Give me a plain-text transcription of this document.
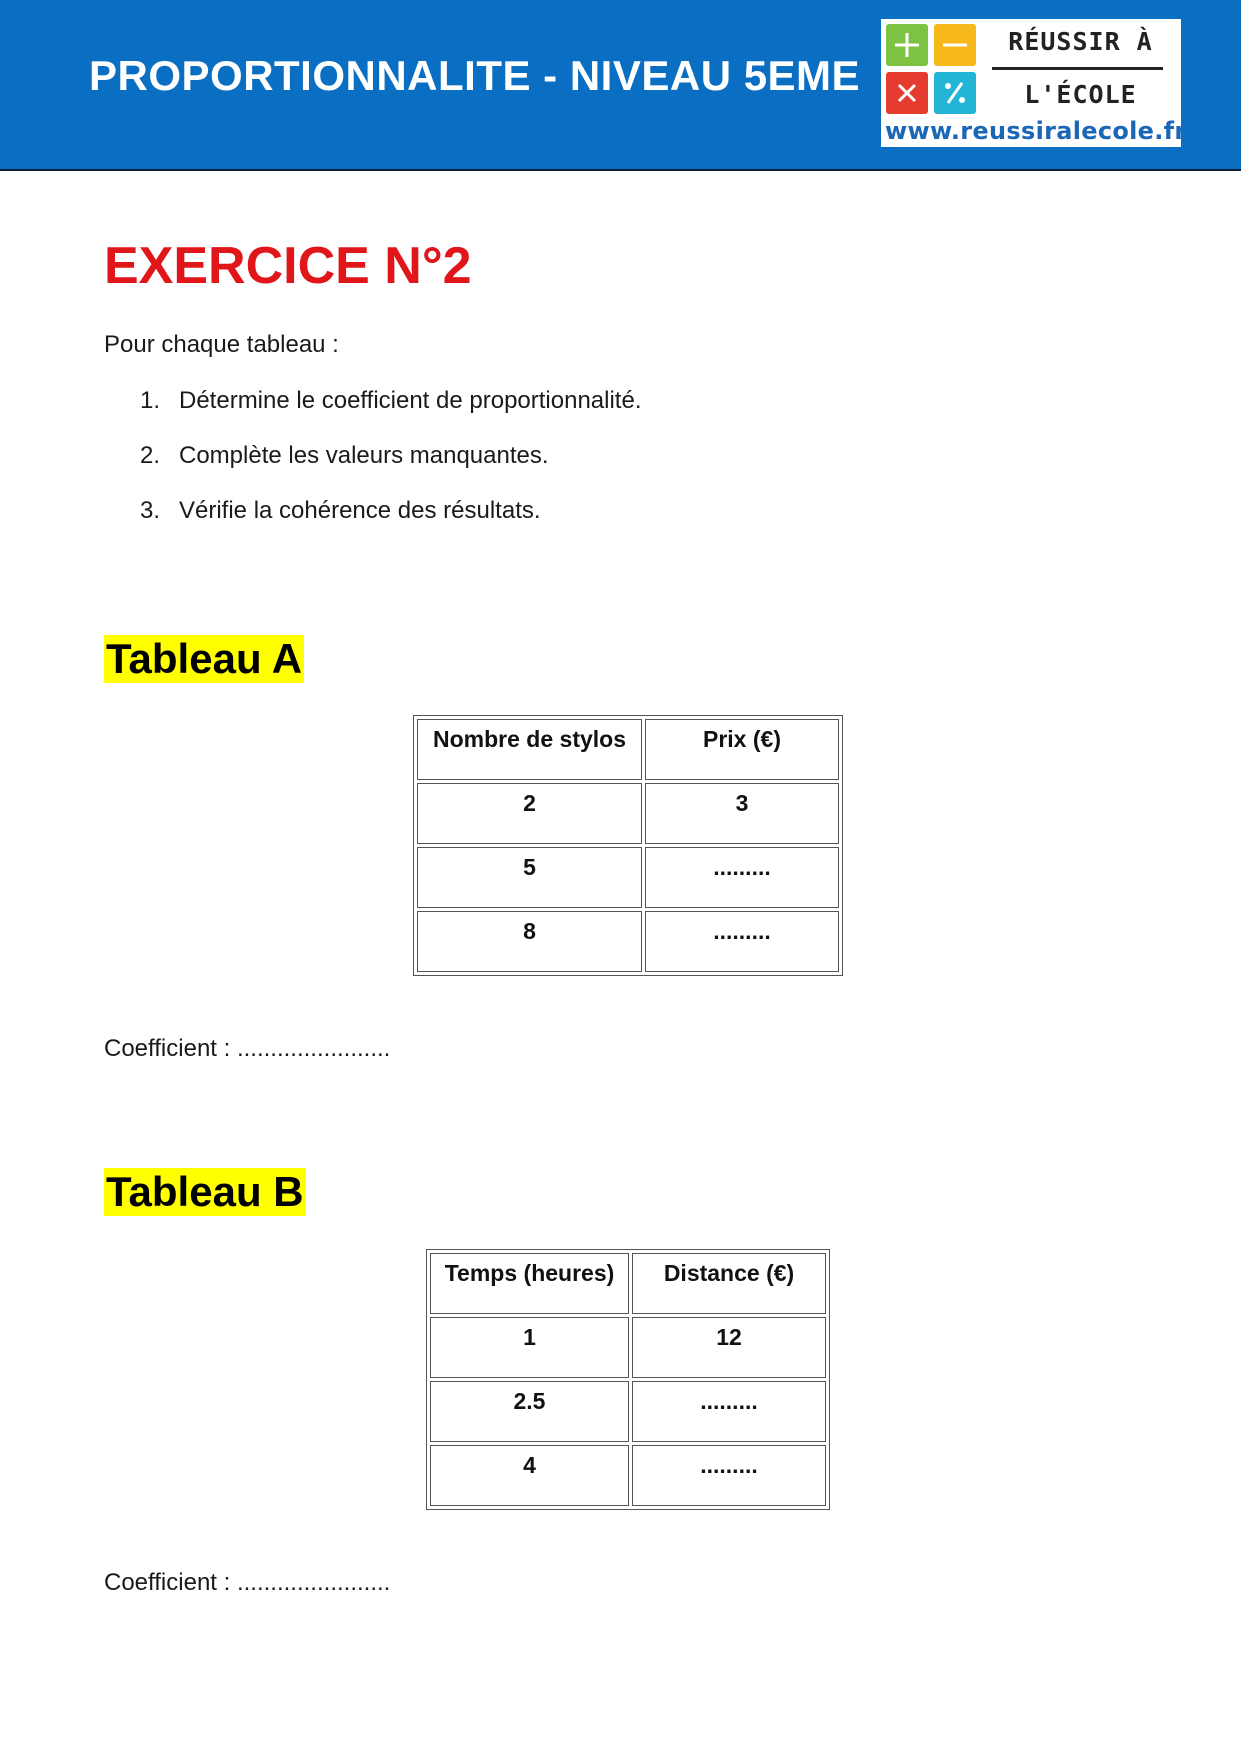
PROPORTIONNALITE - NIVEAU 5EME
RÉUSSIR À
L'ÉCOLE
www.reussiralecole.fr
EXERCICE N°2
Pour chaque tableau :
1. Détermine le coefficient de proportionnalité.
2. Complète les valeurs manquantes.
3. Vérifie la cohérence des résultats.
Tableau A
Nombre de stylos	Prix (€)
2	3
5	.........
8	.........
Coefficient : .......................
Tableau B
Temps (heures)	Distance (€)
1	12
2.5	.........
4	.........
Coefficient : .......................
